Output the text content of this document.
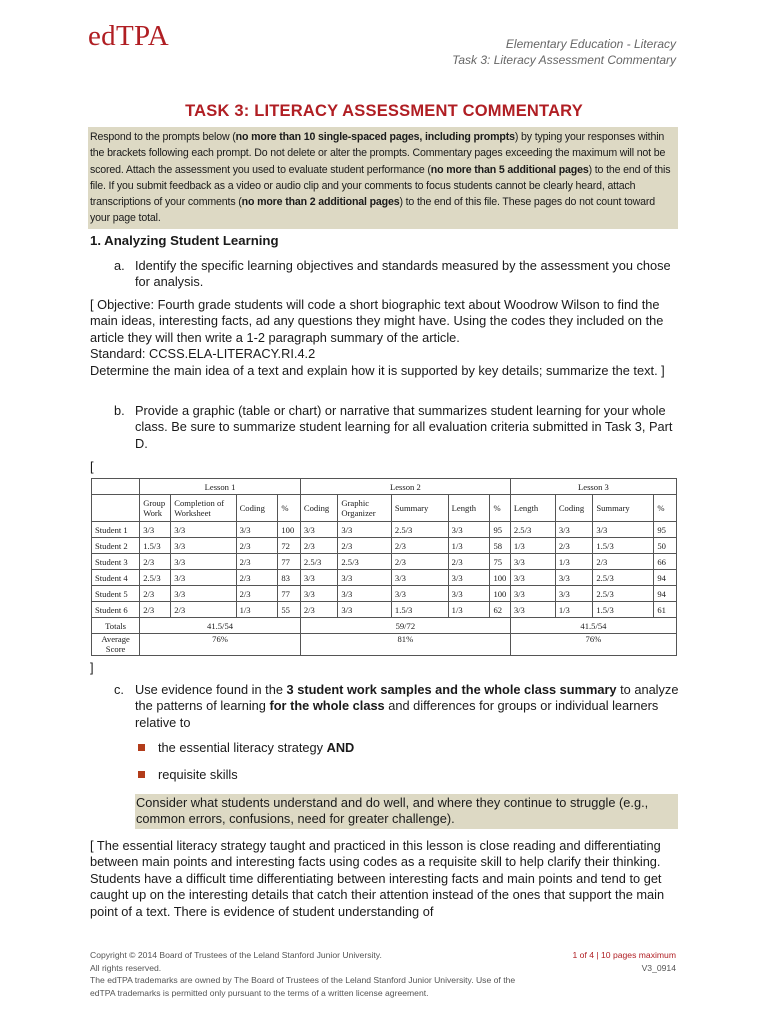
edTPA	Elementary Education - Literacy
Task 3: Literacy Assessment Commentary
TASK 3: LITERACY ASSESSMENT COMMENTARY
Respond to the prompts below (no more than 10 single-spaced pages, including prompts) by typing your responses within the brackets following each prompt. Do not delete or alter the prompts. Commentary pages exceeding the maximum will not be scored. Attach the assessment you used to evaluate student performance (no more than 5 additional pages) to the end of this file. If you submit feedback as a video or audio clip and your comments to focus students cannot be clearly heard, attach transcriptions of your comments (no more than 2 additional pages) to the end of this file. These pages do not count toward your page total.
1. Analyzing Student Learning
a. Identify the specific learning objectives and standards measured by the assessment you chose for analysis.
[ Objective: Fourth grade students will code a short biographic text about Woodrow Wilson to find the main ideas, interesting facts, ad any questions they might have. Using the codes they included on the article they will then write a 1-2 paragraph summary of the article.
Standard: CCSS.ELA-LITERACY.RI.4.2
Determine the main idea of a text and explain how it is supported by key details; summarize the text. ]
b. Provide a graphic (table or chart) or narrative that summarizes student learning for your whole class. Be sure to summarize student learning for all evaluation criteria submitted in Task 3, Part D.
[
	Lesson 1				Lesson 2					Lesson 3			
	Group Work	Completion of Worksheet	Coding	%	Coding	Graphic Organizer	Summary	Length	%	Length	Coding	Summary	%
Student 1	3/3	3/3	3/3	100	3/3	3/3	2.5/3	3/3	95	2.5/3	3/3	3/3	95
Student 2	1.5/3	3/3	2/3	72	2/3	2/3	2/3	1/3	58	1/3	2/3	1.5/3	50
Student 3	2/3	3/3	2/3	77	2.5/3	2.5/3	2/3	2/3	75	3/3	1/3	2/3	66
Student 4	2.5/3	3/3	2/3	83	3/3	3/3	3/3	3/3	100	3/3	3/3	2.5/3	94
Student 5	2/3	3/3	2/3	77	3/3	3/3	3/3	3/3	100	3/3	3/3	2.5/3	94
Student 6	2/3	2/3	1/3	55	2/3	3/3	1.5/3	1/3	62	3/3	1/3	1.5/3	61
Totals	41.5/54				59/72					41.5/54			
Average Score	76%				81%					76%			
]
c. Use evidence found in the 3 student work samples and the whole class summary to analyze the patterns of learning for the whole class and differences for groups or individual learners relative to
the essential literacy strategy AND
requisite skills
Consider what students understand and do well, and where they continue to struggle (e.g., common errors, confusions, need for greater challenge).
[ The essential literacy strategy taught and practiced in this lesson is close reading and differentiating between main points and interesting facts using codes as a requisite skill to help clarify their thinking. Students have a difficult time differentiating between interesting facts and main points and tend to get caught up on the interesting details that catch their attention instead of the ones that support the main point of a text. There is evidence of student understanding of
Copyright © 2014 Board of Trustees of the Leland Stanford Junior University.
All rights reserved.
The edTPA trademarks are owned by The Board of Trustees of the Leland Stanford Junior University. Use of the edTPA trademarks is permitted only pursuant to the terms of a written license agreement.
1 of 4 | 10 pages maximum
V3_0914
